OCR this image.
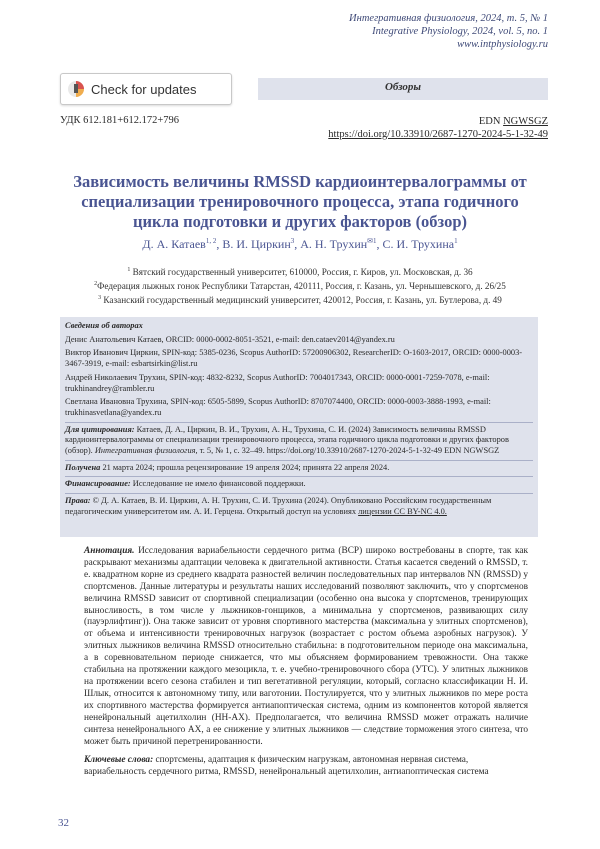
Интегративная физиология, 2024, т. 5, № 1
Integrative Physiology, 2024, vol. 5, no. 1
www.intphysiology.ru
Check for updates	Обзоры
УДК 612.181+612.172+796	EDN NGWSGZ
https://doi.org/10.33910/2687-1270-2024-5-1-32-49
Зависимость величины RMSSD кардиоинтервалограммы от специализации тренировочного процесса, этапа годичного цикла подготовки и других факторов (обзор)
Д. А. Катаев$^{1, 2}$, В. И. Циркин$^3$, А. Н. Трухин$^{✉1}$, С. И. Трухина$^1$
$^1$ Вятский государственный университет, 610000, Россия, г. Киров, ул. Московская, д. 36
$^2$Федерация лыжных гонок Республики Татарстан, 420111, Россия, г. Казань, ул. Чернышевского, д. 26/25
$^3$ Казанский государственный медицинский университет, 420012, Россия, г. Казань, ул. Бутлерова, д. 49

Сведения об авторах

Денис Анатольевич Катаев, ORCID: 0000-0002-8051-3521, e-mail: den.cataev2014@yandex.ru

Виктор Иванович Циркин, SPIN-код: 5385-0236, Scopus AuthorID: 57200906302, ResearcherID: O-1603-2017, ORCID: 0000-0003-3467-3919, e-mail: esbartsirkin@list.ru

Андрей Николаевич Трухин, SPIN-код: 4832-8232, Scopus AuthorID: 7004017343, ORCID: 0000-0001-7259-7078, e-mail: trukhinandrey@rambler.ru

Светлана Ивановна Трухина, SPIN-код: 6505-5899, Scopus AuthorID: 8707074400, ORCID: 0000-0003-3888-1993, e-mail: trukhinasvetlana@yandex.ru

Для цитирования: Катаев, Д. А., Циркин, В. И., Трухин, А. Н., Трухина, С. И. (2024) Зависимость величины RMSSD кардиоинтервалограммы от специализации тренировочного процесса, этапа годичного цикла подготовки и других факторов (обзор). Интегративная физиология, т. 5, № 1, с. 32–49. https://doi.org/10.33910/2687-1270-2024-5-1-32-49 EDN NGWSGZ

Получена 21 марта 2024; прошла рецензирование 19 апреля 2024; принята 22 апреля 2024.

Финансирование: Исследование не имело финансовой поддержки.

Права: © Д. А. Катаев, В. И. Циркин, А. Н. Трухин, С. И. Трухина (2024). Опубликовано Российским государственным педагогическим университетом им. А. И. Герцена. Открытый доступ на условиях лицензии CC BY-NC 4.0.

Аннотация. Исследования вариабельности сердечного ритма (ВСР) широко востребованы в спорте, так как раскрывают механизмы адаптации человека к двигательной активности. Статья касается сведений о RMSSD, т. е. квадратном корне из среднего квадрата разностей величин последовательных пар интервалов NN (RMSSD) у спортсменов. Данные литературы и результаты наших исследований позволяют заключить, что у спортсменов величина RMSSD зависит от спортивной специализации (особенно она высока у спортсменов, тренирующих выносливость, в том числе у лыжников-гонщиков, а минимальна у спортсменов, развивающих силу (пауэрлифтинг)). Она также зависит от уровня спортивного мастерства (максимальна у элитных спортсменов), от объема и интенсивности тренировочных нагрузок (возрастает с ростом объема аэробных нагрузок). У элитных лыжников величина RMSSD относительно стабильна: в подготовительном периоде она максимальна, а в соревновательном периоде снижается, что мы объясняем формированием тревожности. Она также стабильна на протяжении каждого мезоцикла, т. е. учебно-тренировочного сбора (УТС). У элитных лыжников на протяжении всего сезона стабилен и тип вегетативной регуляции, который, согласно классификации Н. И. Шлык, относится к автономному типу, или ваготонии. Постулируется, что у элитных лыжников по мере роста их спортивного мастерства формируется антиапоптическая система, одним из компонентов которой является ненейрональный ацетилхолин (НН-АХ). Предполагается, что величина RMSSD может отражать наличие синтеза ненейронального АХ, а ее снижение у элитных лыжников — следствие торможения этого синтеза, что может быть причиной перетренированности.
Ключевые слова: спортсмены, адаптация к физическим нагрузкам, автономная нервная система, вариабельность сердечного ритма, RMSSD, ненейрональный ацетилхолин, антиапоптическая система
32
